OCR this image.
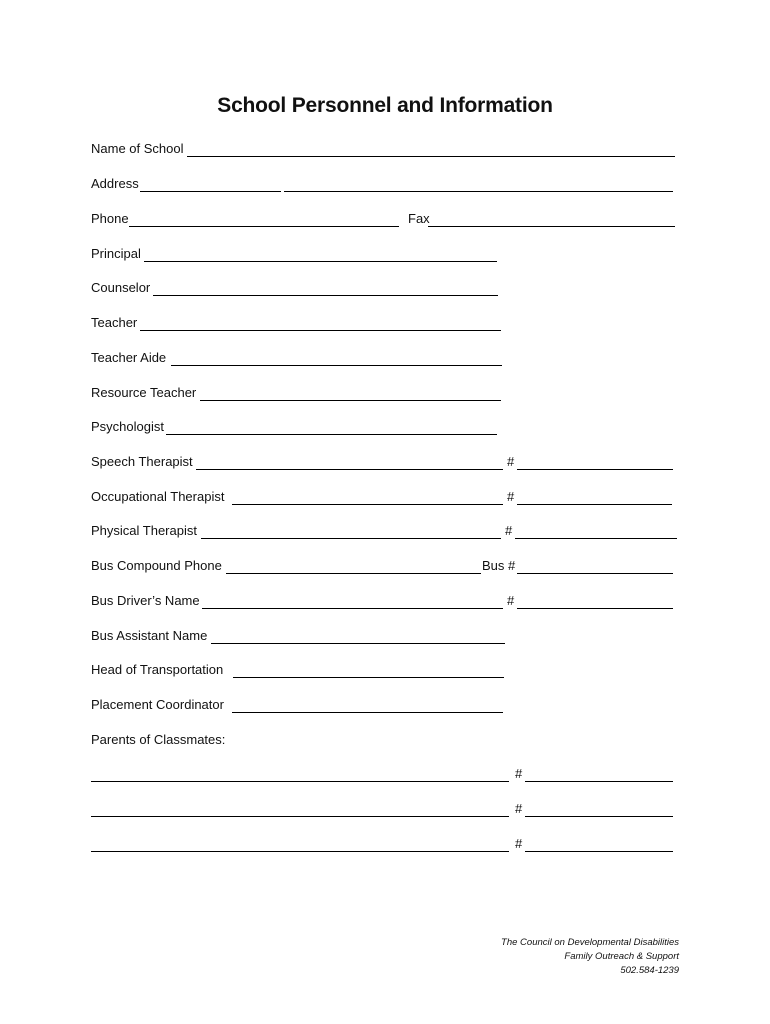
School Personnel and Information
Name of School
Address
Phone	Fax
Principal
Counselor
Teacher
Teacher Aide
Resource Teacher
Psychologist
Speech Therapist	#
Occupational Therapist	#
Physical Therapist	#
Bus Compound Phone	Bus #
Bus Driver’s Name	#
Bus Assistant Name
Head of Transportation
Placement Coordinator
Parents of Classmates:
#
#
#
The Council on Developmental Disabilities
Family Outreach & Support
502.584-1239
